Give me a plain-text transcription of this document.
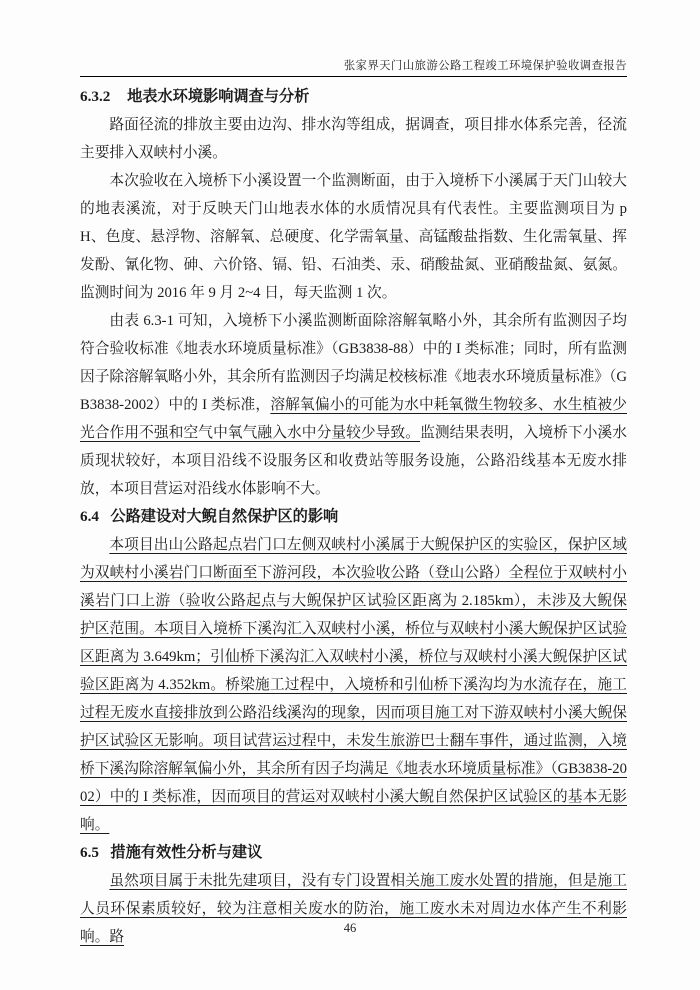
张家界天门山旅游公路工程竣工环境保护验收调查报告
6.3.2 地表水环境影响调查与分析

路面径流的排放主要由边沟、排水沟等组成，据调查，项目排水体系完善，径流主要排入双峡村小溪。

本次验收在入境桥下小溪设置一个监测断面，由于入境桥下小溪属于天门山较大的地表溪流，对于反映天门山地表水体的水质情况具有代表性。主要监测项目为 pH、色度、悬浮物、溶解氧、总硬度、化学需氧量、高锰酸盐指数、生化需氧量、挥发酚、氰化物、砷、六价铬、镉、铅、石油类、汞、硝酸盐氮、亚硝酸盐氮、氨氮。监测时间为 2016 年 9 月 2~4 日，每天监测 1 次。

由表 6.3-1 可知，入境桥下小溪监测断面除溶解氧略小外，其余所有监测因子均符合验收标准《地表水环境质量标准》（GB3838-88）中的 I 类标准；同时，所有监测因子除溶解氧略小外，其余所有监测因子均满足校核标准《地表水环境质量标准》（GB3838-2002）中的 I 类标准，溶解氧偏小的可能为水中耗氧微生物较多、水生植被少光合作用不强和空气中氧气融入水中分量较少导致。监测结果表明，入境桥下小溪水质现状较好，本项目沿线不设服务区和收费站等服务设施，公路沿线基本无废水排放，本项目营运对沿线水体影响不大。

6.4 公路建设对大鲵自然保护区的影响

本项目出山公路起点岩门口左侧双峡村小溪属于大鲵保护区的实验区，保护区域为双峡村小溪岩门口断面至下游河段，本次验收公路（登山公路）全程位于双峡村小溪岩门口上游（验收公路起点与大鲵保护区试验区距离为 2.185km），未涉及大鲵保护区范围。本项目入境桥下溪沟汇入双峡村小溪，桥位与双峡村小溪大鲵保护区试验区距离为 3.649km；引仙桥下溪沟汇入双峡村小溪，桥位与双峡村小溪大鲵保护区试验区距离为 4.352km。桥梁施工过程中，入境桥和引仙桥下溪沟均为水流存在，施工过程无废水直接排放到公路沿线溪沟的现象，因而项目施工对下游双峡村小溪大鲵保护区试验区无影响。项目试营运过程中，未发生旅游巴士翻车事件，通过监测，入境桥下溪沟除溶解氧偏小外，其余所有因子均满足《地表水环境质量标准》（GB3838-2002）中的 I 类标准，因而项目的营运对双峡村小溪大鲵自然保护区试验区的基本无影响。

6.5 措施有效性分析与建议

虽然项目属于未批先建项目，没有专门设置相关施工废水处置的措施，但是施工人员环保素质较好，较为注意相关废水的防治，施工废水未对周边水体产生不利影响。路

46
